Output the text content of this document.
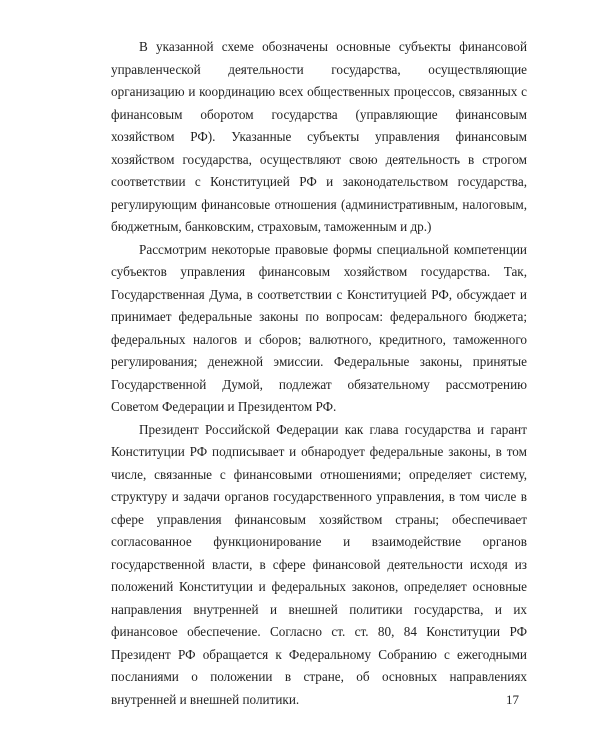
В указанной схеме обозначены основные субъекты финансовой управленческой деятельности государства, осуществляющие организацию и координацию всех общественных процессов, связанных с финансовым оборотом государства (управляющие финансовым хозяйством РФ). Указанные субъекты управления финансовым хозяйством государства, осуществляют свою деятельность в строгом соответствии с Конституцией РФ и законодательством государства, регулирующим финансовые отношения (административным, налоговым, бюджетным, банковским, страховым, таможенным и др.)

Рассмотрим некоторые правовые формы специальной компетенции субъектов управления финансовым хозяйством государства. Так, Государственная Дума, в соответствии с Конституцией РФ, обсуждает и принимает федеральные законы по вопросам: федерального бюджета; федеральных налогов и сборов; валютного, кредитного, таможенного регулирования; денежной эмиссии. Федеральные законы, принятые Государственной Думой, подлежат обязательному рассмотрению Советом Федерации и Президентом РФ.

Президент Российской Федерации как глава государства и гарант Конституции РФ подписывает и обнародует федеральные законы, в том числе, связанные с финансовыми отношениями; определяет систему, структуру и задачи органов государственного управления, в том числе в сфере управления финансовым хозяйством страны; обеспечивает согласованное функционирование и взаимодействие органов государственной власти, в сфере финансовой деятельности исходя из положений Конституции и федеральных законов, определяет основные направления внутренней и внешней политики государства, и их финансовое обеспечение. Согласно ст. ст. 80, 84 Конституции РФ Президент РФ обращается к Федеральному Собранию с ежегодными посланиями о положении в стране, об основных направлениях внутренней и внешней политики.	17
